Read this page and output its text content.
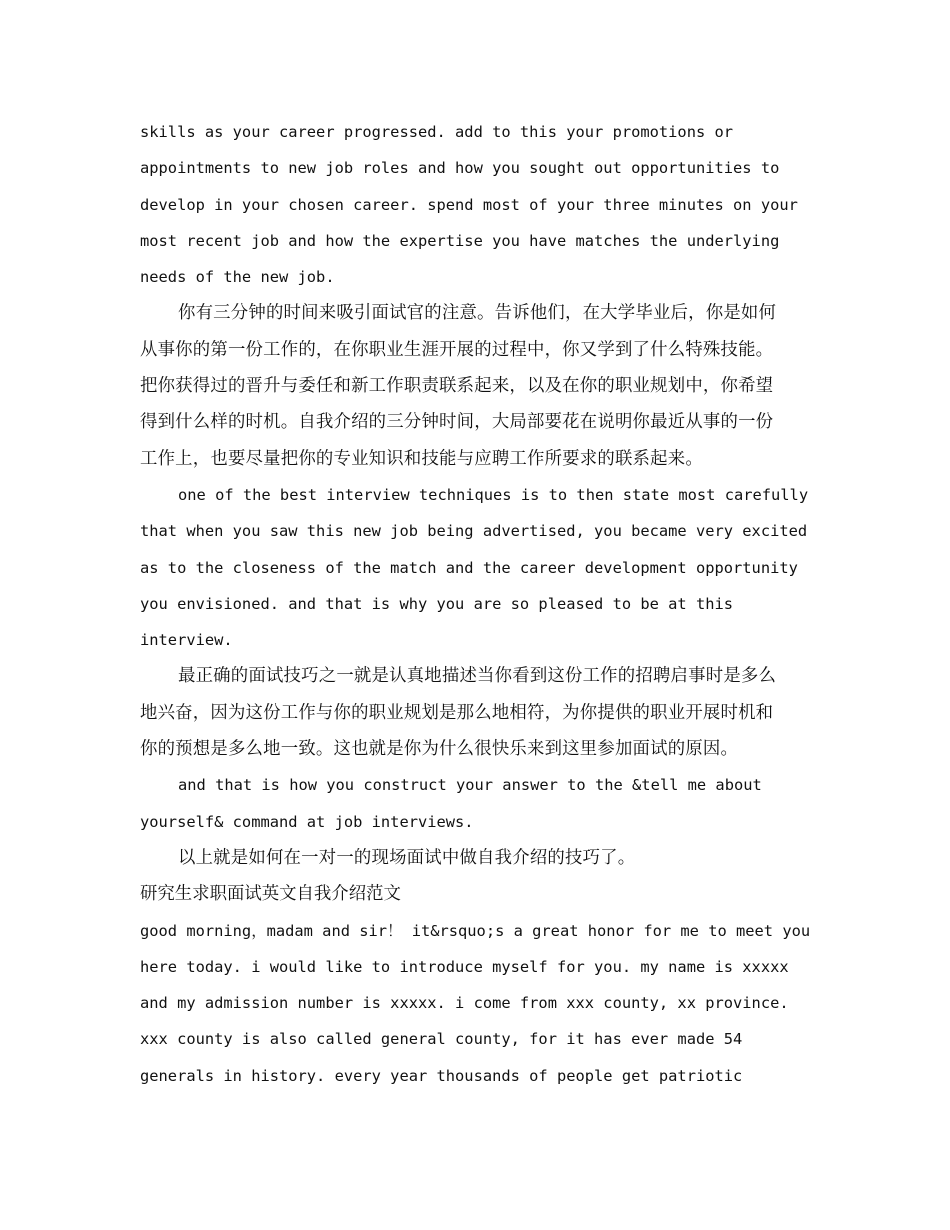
skills as your career progressed. add to this your promotions or
appointments to new job roles and how you sought out opportunities to
develop in your chosen career. spend most of your three minutes on your
most recent job and how the expertise you have matches the underlying
needs of the new job.

你有三分钟的时间来吸引面试官的注意。告诉他们，在大学毕业后，你是如何
从事你的第一份工作的，在你职业生涯开展的过程中，你又学到了什么特殊技能。
把你获得过的晋升与委任和新工作职责联系起来，以及在你的职业规划中，你希望
得到什么样的时机。自我介绍的三分钟时间，大局部要花在说明你最近从事的一份
工作上，也要尽量把你的专业知识和技能与应聘工作所要求的联系起来。

one of the best interview techniques is to then state most carefully
that when you saw this new job being advertised, you became very excited
as to the closeness of the match and the career development opportunity
you envisioned. and that is why you are so pleased to be at this
interview.

最正确的面试技巧之一就是认真地描述当你看到这份工作的招聘启事时是多么
地兴奋，因为这份工作与你的职业规划是那么地相符，为你提供的职业开展时机和
你的预想是多么地一致。这也就是你为什么很快乐来到这里参加面试的原因。

and that is how you construct your answer to the &tell me about
yourself& command at job interviews.

以上就是如何在一对一的现场面试中做自我介绍的技巧了。

研究生求职面试英文自我介绍范文

good morning，madam and sir！ it&rsquo;s a great honor for me to meet you
here today. i would like to introduce myself for you. my name is xxxxx
and my admission number is xxxxx. i come from xxx county, xx province.
xxx county is also called general county, for it has ever made 54
generals in history. every year thousands of people get patriotic
